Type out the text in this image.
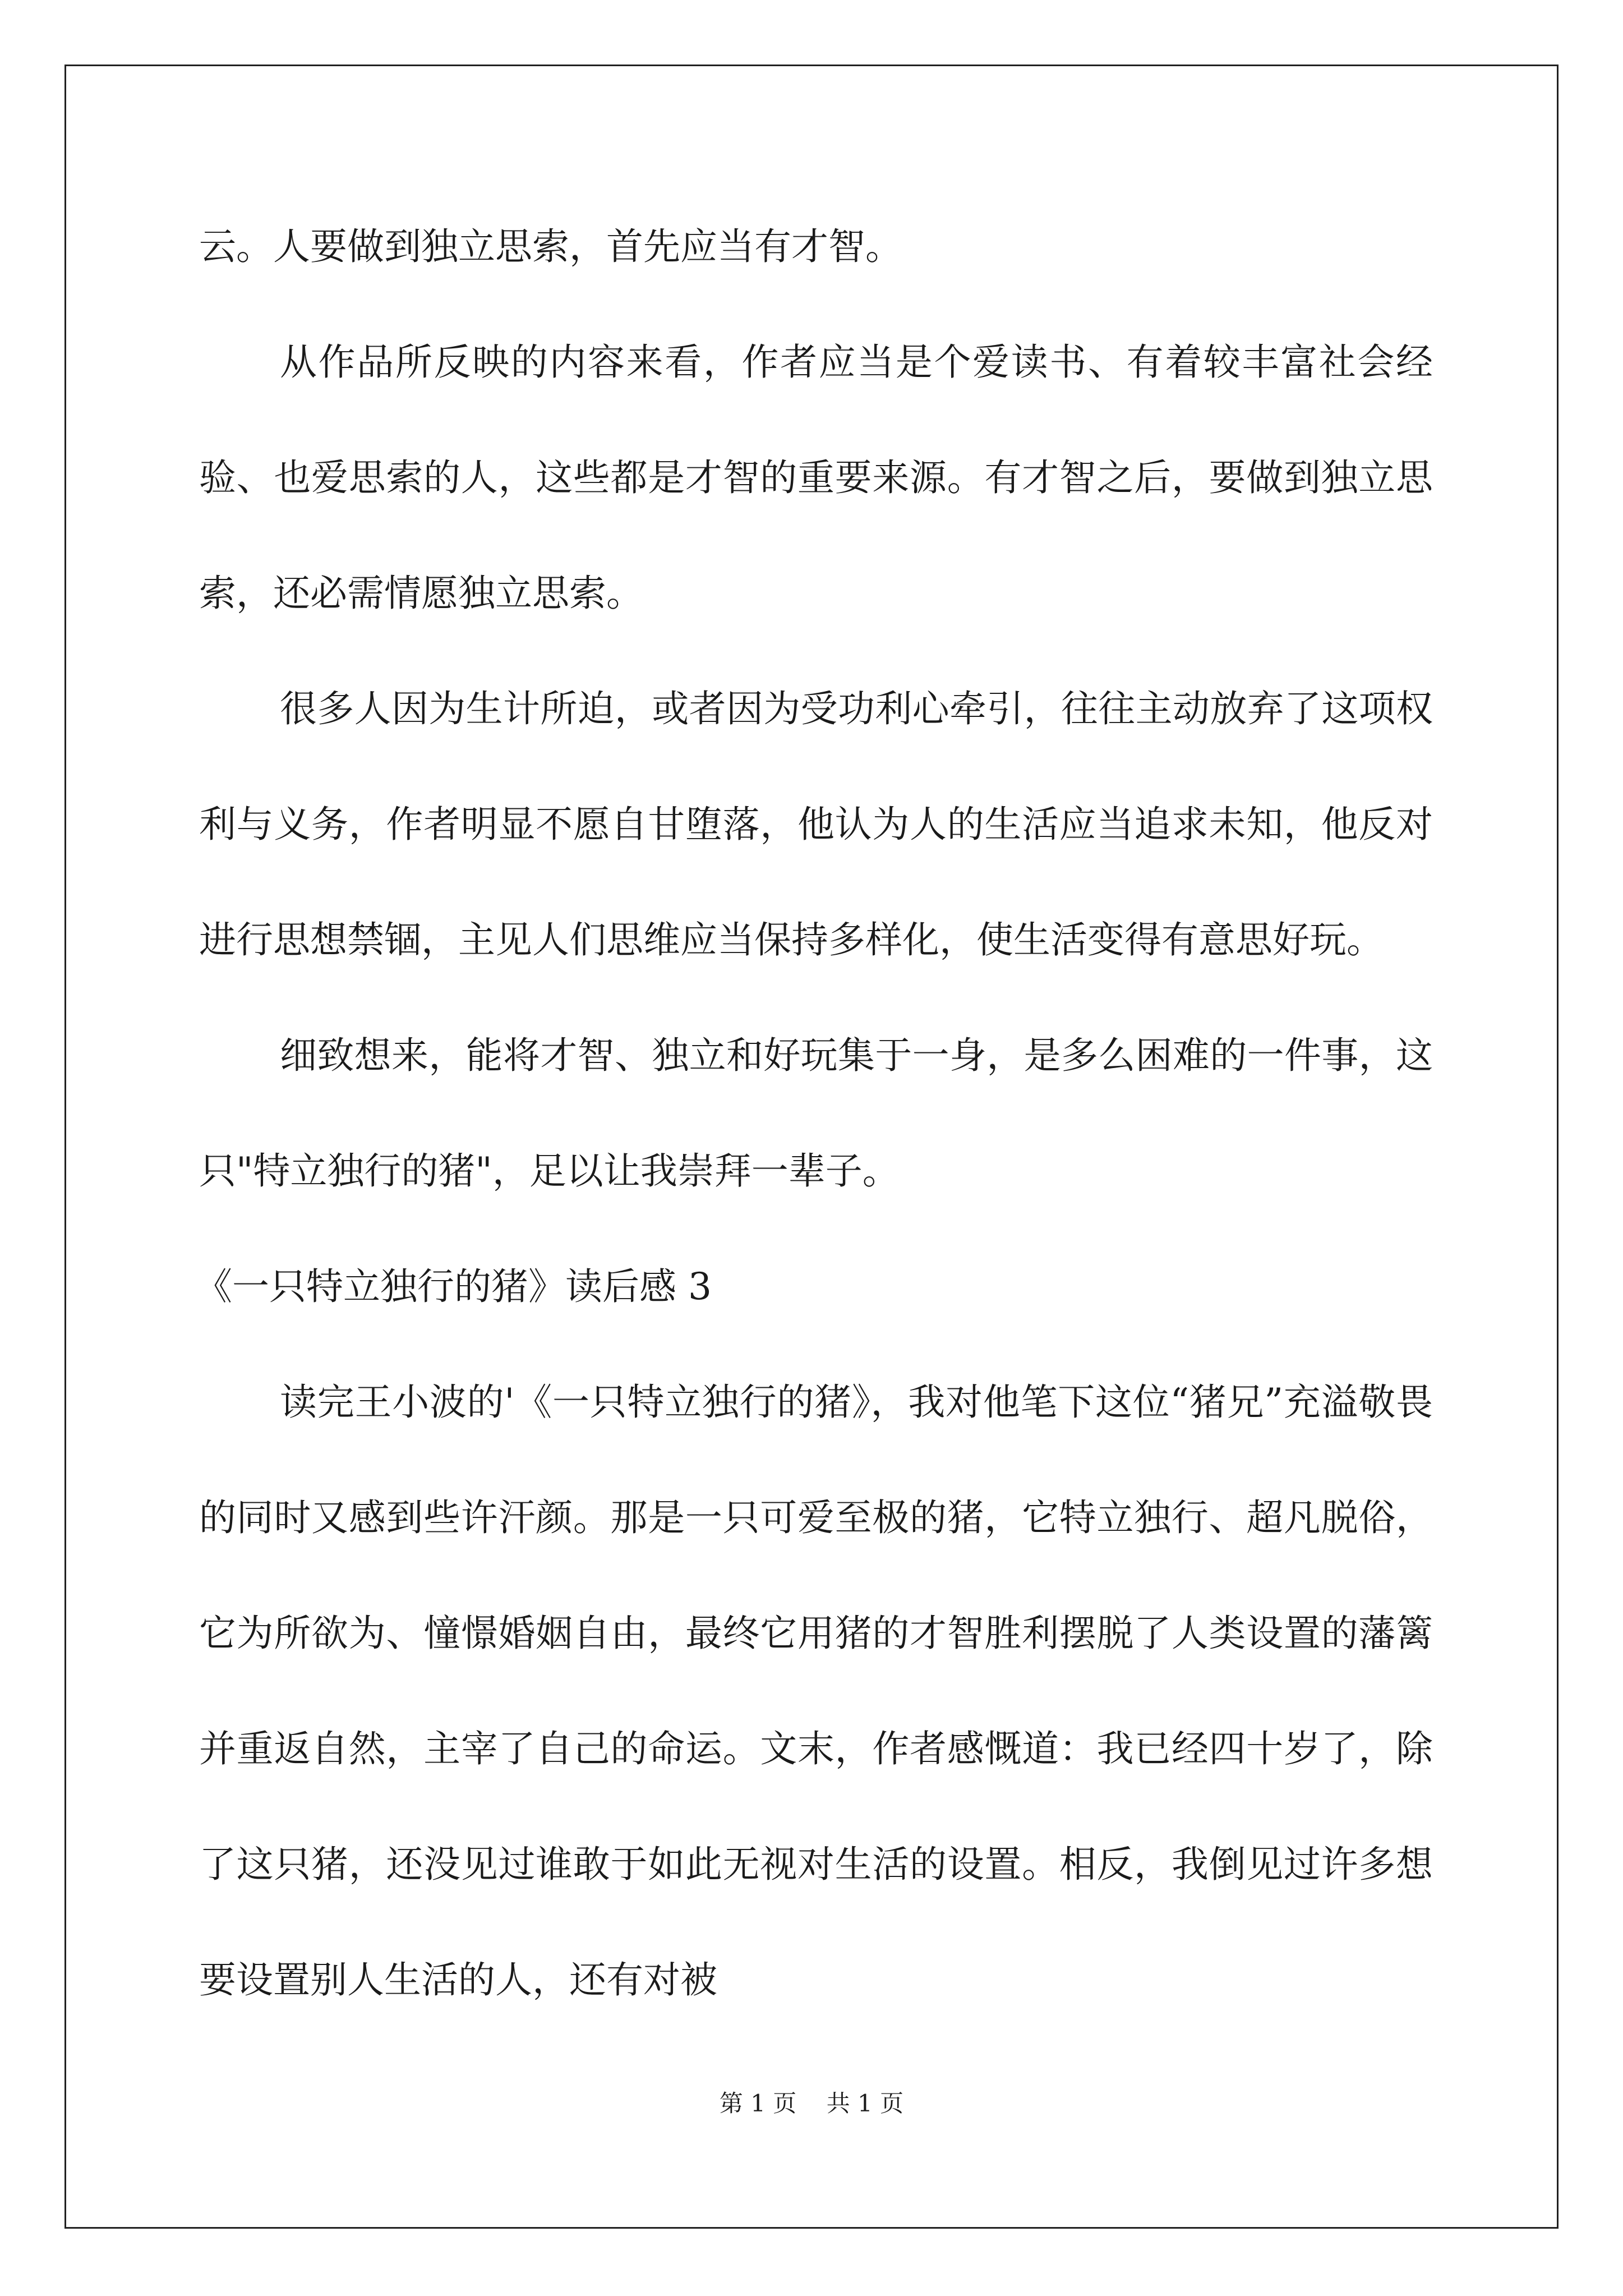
云。人要做到独立思索，首先应当有才智。

从作品所反映的内容来看，作者应当是个爱读书、有着较丰富社会经验、也爱思索的人，这些都是才智的重要来源。有才智之后，要做到独立思索，还必需情愿独立思索。

很多人因为生计所迫，或者因为受功利心牵引，往往主动放弃了这项权利与义务，作者明显不愿自甘堕落，他认为人的生活应当追求未知，他反对进行思想禁锢，主见人们思维应当保持多样化，使生活变得有意思好玩。

细致想来，能将才智、独立和好玩集于一身，是多么困难的一件事，这只"特立独行的猪"，足以让我崇拜一辈子。

《一只特立独行的猪》读后感 3

读完王小波的'《一只特立独行的猪》，我对他笔下这位“猪兄”充溢敬畏的同时又感到些许汗颜。那是一只可爱至极的猪，它特立独行、超凡脱俗，它为所欲为、憧憬婚姻自由，最终它用猪的才智胜利摆脱了人类设置的藩篱并重返自然，主宰了自己的命运。文末，作者感慨道：我已经四十岁了，除了这只猪，还没见过谁敢于如此无视对生活的设置。相反，我倒见过许多想要设置别人生活的人，还有对被

第 1 页    共 1 页
